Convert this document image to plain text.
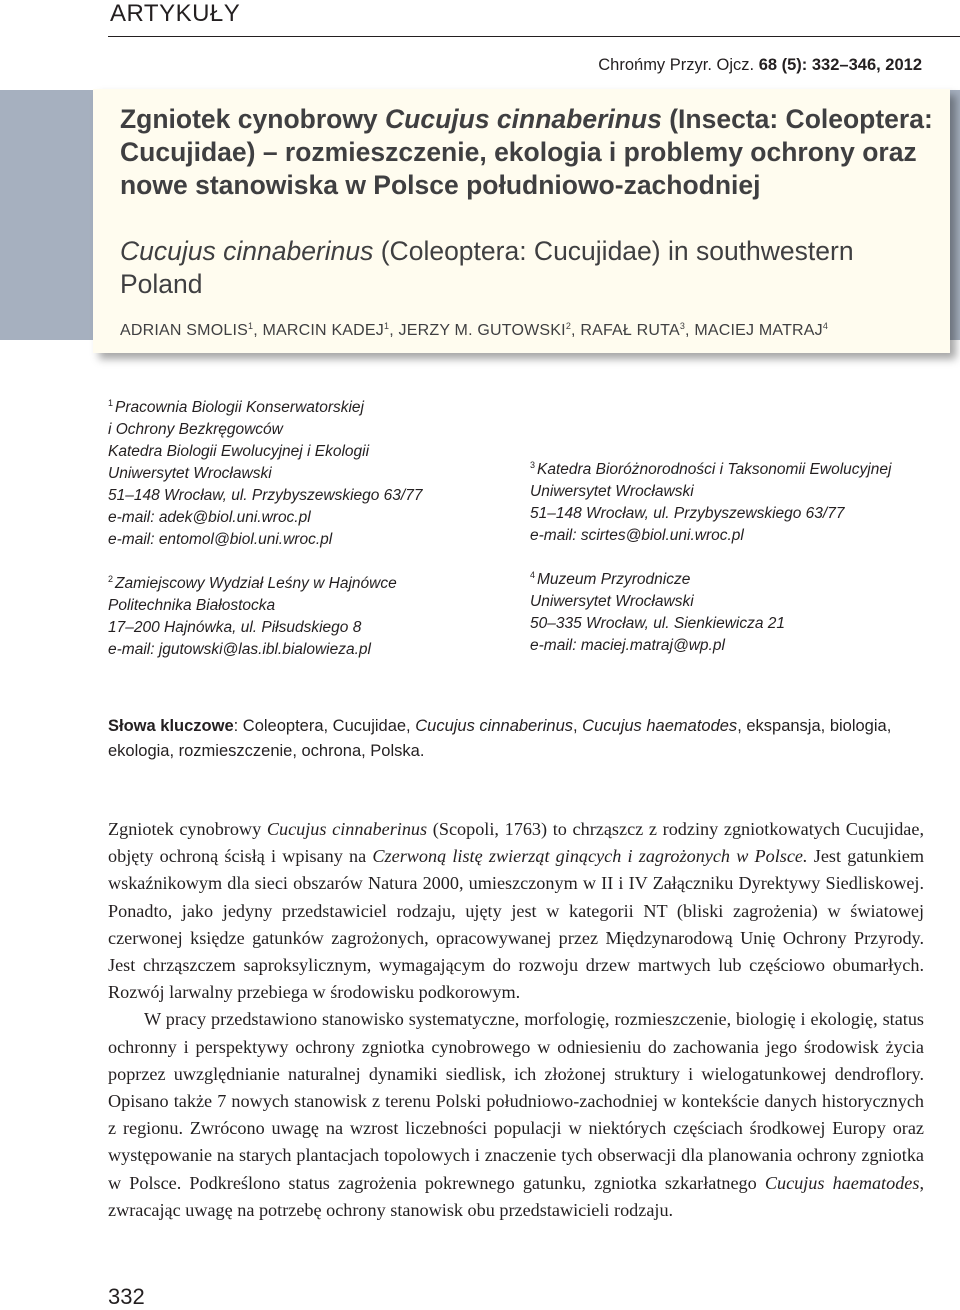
ARTYKUŁY
Chrońmy Przyr. Ojcz. 68 (5): 332–346, 2012
Zgniotek cynobrowy Cucujus cinnaberinus (Insecta: Coleoptera: Cucujidae) – rozmieszczenie, ekologia i problemy ochrony oraz nowe stanowiska w Polsce południowo-zachodniej
Cucujus cinnaberinus (Coleoptera: Cucujidae) in southwestern Poland
ADRIAN SMOLIS$^1$, MARCIN KADEJ$^1$, JERZY M. GUTOWSKI$^2$, RAFAŁ RUTA$^3$, MACIEJ MATRAJ$^4$
$^1$ Pracownia Biologii Konserwatorskiej
i Ochrony Bezkręgowców
Katedra Biologii Ewolucyjnej i Ekologii
Uniwersytet Wrocławski
51–148 Wrocław, ul. Przybyszewskiego 63/77
e-mail: adek@biol.uni.wroc.pl
e-mail: entomol@biol.uni.wroc.pl
$^2$ Zamiejscowy Wydział Leśny w Hajnówce
Politechnika Białostocka
17–200 Hajnówka, ul. Piłsudskiego 8
e-mail: jgutowski@las.ibl.bialowieza.pl
$^3$ Katedra Bioróżnorodności i Taksonomii Ewolucyjnej
Uniwersytet Wrocławski
51–148 Wrocław, ul. Przybyszewskiego 63/77
e-mail: scirtes@biol.uni.wroc.pl
$^4$ Muzeum Przyrodnicze
Uniwersytet Wrocławski
50–335 Wrocław, ul. Sienkiewicza 21
e-mail: maciej.matraj@wp.pl
Słowa kluczowe: Coleoptera, Cucujidae, Cucujus cinnaberinus, Cucujus haematodes, ekspansja, biologia, ekologia, rozmieszczenie, ochrona, Polska.

Zgniotek cynobrowy Cucujus cinnaberinus (Scopoli, 1763) to chrząszcz z rodziny zgniotkowatych Cucujidae, objęty ochroną ścisłą i wpisany na Czerwoną listę zwierząt ginących i zagrożonych w Polsce. Jest gatunkiem wskaźnikowym dla sieci obszarów Natura 2000, umieszczonym w II i IV Załączniku Dyrektywy Siedliskowej. Ponadto, jako jedyny przedstawiciel rodzaju, ujęty jest w kategorii NT (bliski zagrożenia) w światowej czerwonej księdze gatunków zagrożonych, opracowywanej przez Międzynarodową Unię Ochrony Przyrody. Jest chrząszczem saproksylicznym, wymagającym do rozwoju drzew martwych lub częściowo obumarłych. Rozwój larwalny przebiega w środowisku podkorowym.

W pracy przedstawiono stanowisko systematyczne, morfologię, rozmieszczenie, biologię i ekologię, status ochronny i perspektywy ochrony zgniotka cynobrowego w odniesieniu do zachowania jego środowisk życia poprzez uwzględnianie naturalnej dynamiki siedlisk, ich złożonej struktury i wielogatunkowej dendroflory. Opisano także 7 nowych stanowisk z terenu Polski południowo-zachodniej w kontekście danych historycznych z regionu. Zwrócono uwagę na wzrost liczebności populacji w niektórych częściach środkowej Europy oraz występowanie na starych plantacjach topolowych i znaczenie tych obserwacji dla planowania ochrony zgniotka w Polsce. Podkreślono status zagrożenia pokrewnego gatunku, zgniotka szkarłatnego Cucujus haematodes, zwracając uwagę na potrzebę ochrony stanowisk obu przedstawicieli rodzaju.

332
